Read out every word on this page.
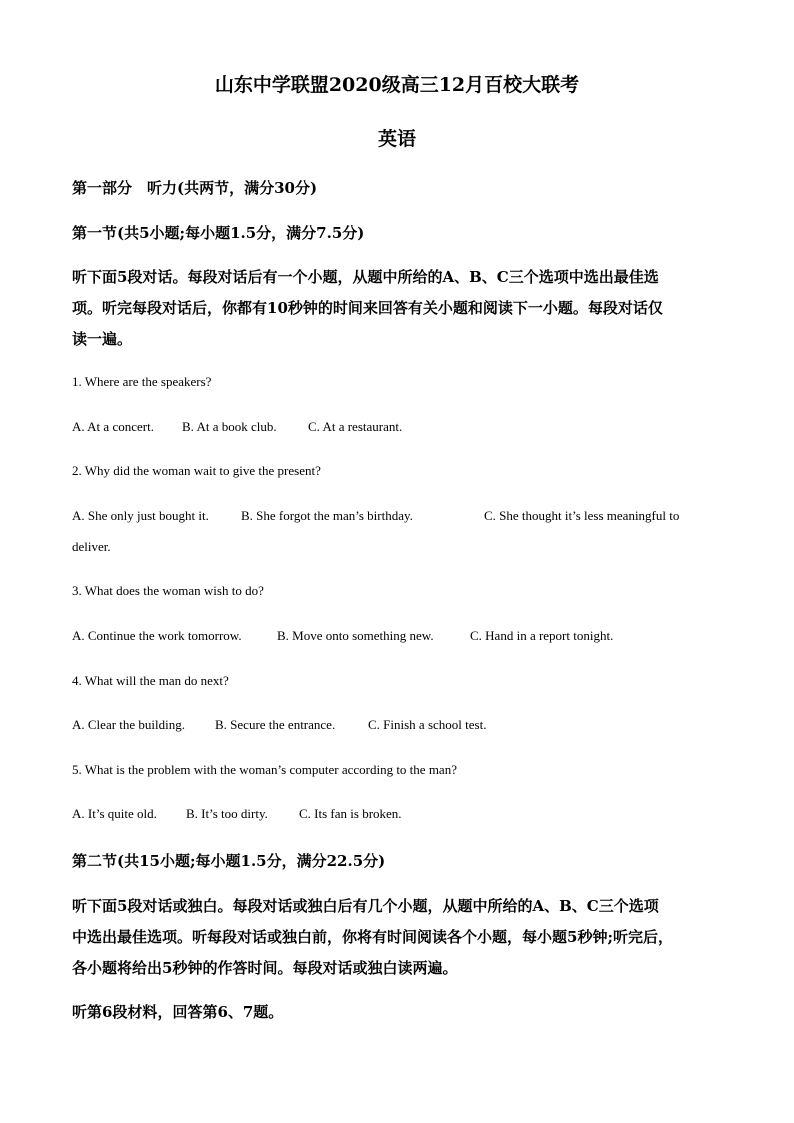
山东中学联盟2020级高三12月百校大联考
英语
第一部分　听力(共两节，满分30分)
第一节(共5小题;每小题1.5分，满分7.5分)
听下面5段对话。每段对话后有一个小题，从题中所给的A、B、C三个选项中选出最佳选
项。听完每段对话后，你都有10秒钟的时间来回答有关小题和阅读下一小题。每段对话仅
读一遍。
1. Where are the speakers?
A. At a concert. B. At a book club. C. At a restaurant.
2. Why did the woman wait to give the present?
A. She only just bought it. B. She forgot the man’s birthday.	C. She thought it’s less meaningful to
deliver.
3. What does the woman wish to do?
A. Continue the work tomorrow.	B. Move onto something new.	C. Hand in a report tonight.
4. What will the man do next?
A. Clear the building. B. Secure the entrance.	C. Finish a school test.
5. What is the problem with the woman’s computer according to the man?
A. It’s quite old. B. It’s too dirty. C. Its fan is broken.
第二节(共15小题;每小题1.5分，满分22.5分)
听下面5段对话或独白。每段对话或独白后有几个小题，从题中所给的A、B、C三个选项
中选出最佳选项。听每段对话或独白前，你将有时间阅读各个小题，每小题5秒钟;听完后，
各小题将给出5秒钟的作答时间。每段对话或独白读两遍。
听第6段材料，回答第6、7题。
